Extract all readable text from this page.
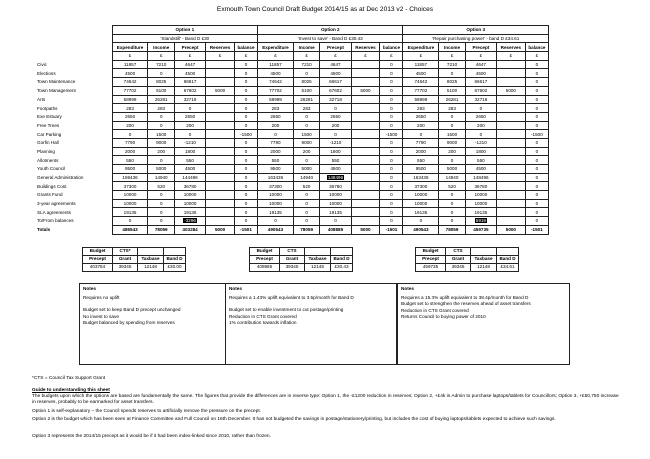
Exmouth Town Council Draft Budget 2014/15 as at Dec 2013 v2 - Choices
	Option 1					Option 2					Option 3				
	'Standstill' - Band D £30					'Invest to save' - Band D £30.43					'Repair purchasing power' - band D £34.61				
	Expenditure	Income	Precept	Reserves	balance	Expenditure	Income	Precept	Reserves	balance	Expenditure	Income	Precept	Reserves	balance
	£	£	£	£	£	£	£	£	£	£	£	£	£	£	£
Civic	11857	7210	4647		0	11857	7210	4647		0	11857	7210	4647		0
Elections	4500	0	4500		0	4500	0	4500		0	4500	0	4500		0
Town Maintenance	74642	8025	66617		0	74642	8025	66617		0	74642	8025	66617		0
Town Management	77702	5100	67602	5000	0	77702	5100	67602	5000	0	77702	5100	67602	5000	0
Arts	58999	26281	32718		0	58999	26281	32718		0	58999	26281	32718		0
Footpaths	283	283	0		0	283	283	0		0	283	283	0		0
Exe Estuary	2650	0	2650		0	2650	0	2650		0	2650	0	2650		0
Free Trees	200	0	200		0	200	0	200		0	200	0	200		0
Car Parking	0	1500	0		-1500	0	1500	0		-1500	0	1500	0		-1500
Gorfin Hall	7790	9000	-1210		0	7790	9000	-1210		0	7790	9000	-1210		0
Planning	2000	200	1800		0	2000	200	1800		0	2000	200	1800		0
Allotments	550	0	550		0	550	0	550		0	550	0	550		0
Youth Council	9500	5000	4500		0	9500	5000	4500		0	9500	5000	4500		0
General Administration	159436	14940	144496		0	163436	14940	148496		0	163436	14940	148496		0
Buildings Cost	37300	520	36780		0	37300	520	36780		0	37300	520	36780		0
Grants Fund	10000	0	10000		0	10000	0	10000		0	10000	0	10000		0
3-year agreements	10000	0	10000		0	10000	0	10000		0	10000	0	10000		0
SLA agreements	19135	0	19135		0	19135	0	19135		0	19135	0	19135		0
To/From balances	0	0	-3296		0	0	0	0		0	0	0	5919		0
Totals	486543	78059	403284	5000	-1501	490543	78059	408885	5000	-1501	490543	78059	459735	5000	-1501
Budget	CTS*		
Precept	Grant	Taxbase	Band D
403784	39345	12148	£30.00
Budget	CTS		
Precept	Grant	Taxbase	Band D
408985	39345	12148	£30.43
Budget	CTS		
Precept	Grant	Taxbase	Band D
459735	39345	12148	£34.61
Notes
Requires no uplift
Budget set to keep Band D precept unchanged
No invest to save
Budget balanced by spending from reserves
Notes
Requires a 1.43% uplift equivalent to 3.5p/month for Band D
Budget set to enable investment to cut postage/printing
Reduction in CTS Grant covered
1% contribution towards inflation
Notes
Requires a 15.3% uplift equivalent to 38.4p/month for Band D
Budget set to strengthen the reserves ahead of asset transfers
Reduction in CTS Grant covered
Returns Council to buying power of 2010
*CTS = Council Tax Support Grant
Guide to understanding this sheet
The budgets upon which the options are based are fundamentally the same. The figures that provide the differences are in reverse type: Option 1, the -£1200 reduction in reserves; Option 2, +£4k in Admin to purchase laptops/tablets for Councillors; Option 3, +£50,750 increase in reserves, probably to be earmarked for asset transfers.
Option 1 is self-explanatory – the Council spends reserves to artificially remove the pressure on the precept.
Option 2 is the budget which has been seen at Finance Committee and Full Council on 16th December. It has not budgeted the savings in postage/stationery/printing, but includes the cost of buying laptops/tablets expected to achieve such savings.
Option 3 represents the 2014/15 precept as it would be if it had been index-linked since 2010, rather than frozen.
